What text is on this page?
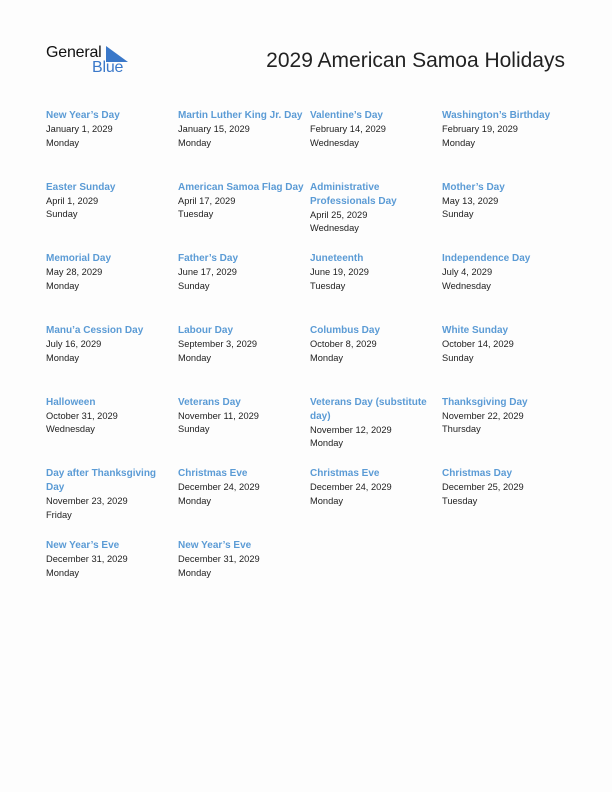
General
Blue	2029 American Samoa Holidays
New Year’s Day
January 1, 2029
Monday
Martin Luther King Jr. Day
January 15, 2029
Monday
Valentine’s Day
February 14, 2029
Wednesday
Washington’s Birthday
February 19, 2029
Monday
Easter Sunday
April 1, 2029
Sunday
American Samoa Flag Day
April 17, 2029
Tuesday
Administrative Professionals Day
April 25, 2029
Wednesday
Mother’s Day
May 13, 2029
Sunday
Memorial Day
May 28, 2029
Monday
Father’s Day
June 17, 2029
Sunday
Juneteenth
June 19, 2029
Tuesday
Independence Day
July 4, 2029
Wednesday
Manu’a Cession Day
July 16, 2029
Monday
Labour Day
September 3, 2029
Monday
Columbus Day
October 8, 2029
Monday
White Sunday
October 14, 2029
Sunday
Halloween
October 31, 2029
Wednesday
Veterans Day
November 11, 2029
Sunday
Veterans Day (substitute day)
November 12, 2029
Monday
Thanksgiving Day
November 22, 2029
Thursday
Day after Thanksgiving Day
November 23, 2029
Friday
Christmas Eve
December 24, 2029
Monday
Christmas Eve
December 24, 2029
Monday
Christmas Day
December 25, 2029
Tuesday
New Year’s Eve
December 31, 2029
Monday
New Year’s Eve
December 31, 2029
Monday
